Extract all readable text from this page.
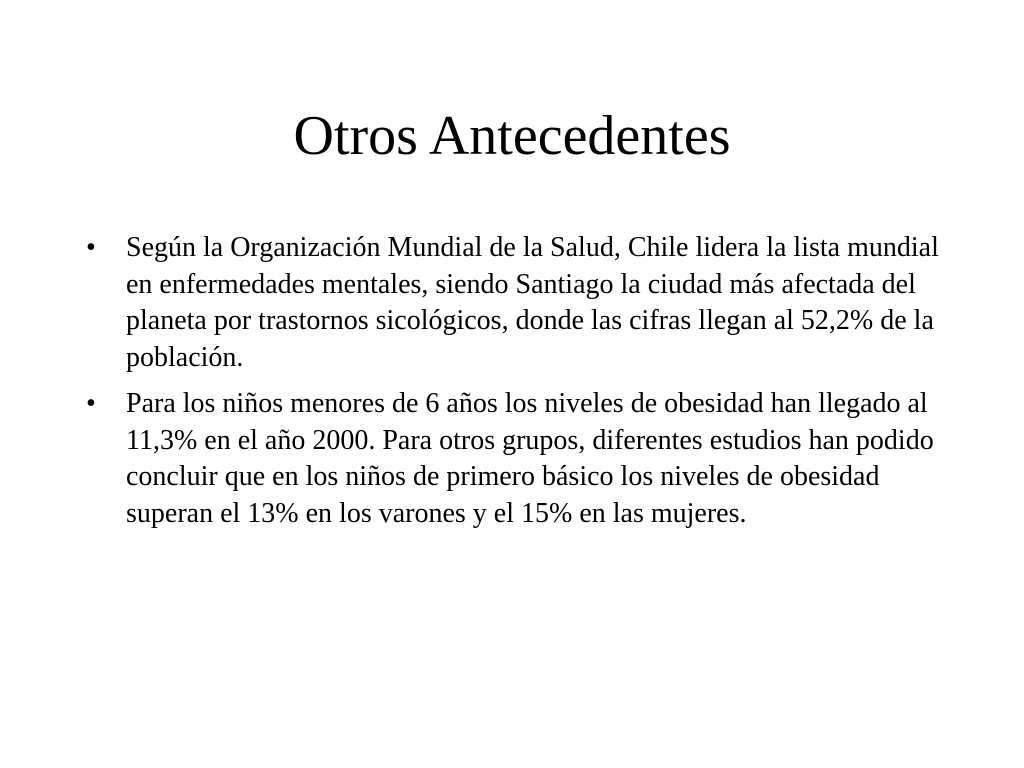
Otros Antecedentes
•	Según la Organización Mundial de la Salud, Chile lidera la lista mundial en enfermedades mentales, siendo Santiago la ciudad más afectada del planeta por trastornos sicológicos, donde las cifras llegan al 52,2% de la población.
•	Para los niños menores de 6 años los niveles de obesidad han llegado al 11,3% en el año 2000. Para otros grupos, diferentes estudios han podido concluir que en los niños de primero básico los niveles de obesidad superan el 13% en los varones y el 15% en las mujeres.
